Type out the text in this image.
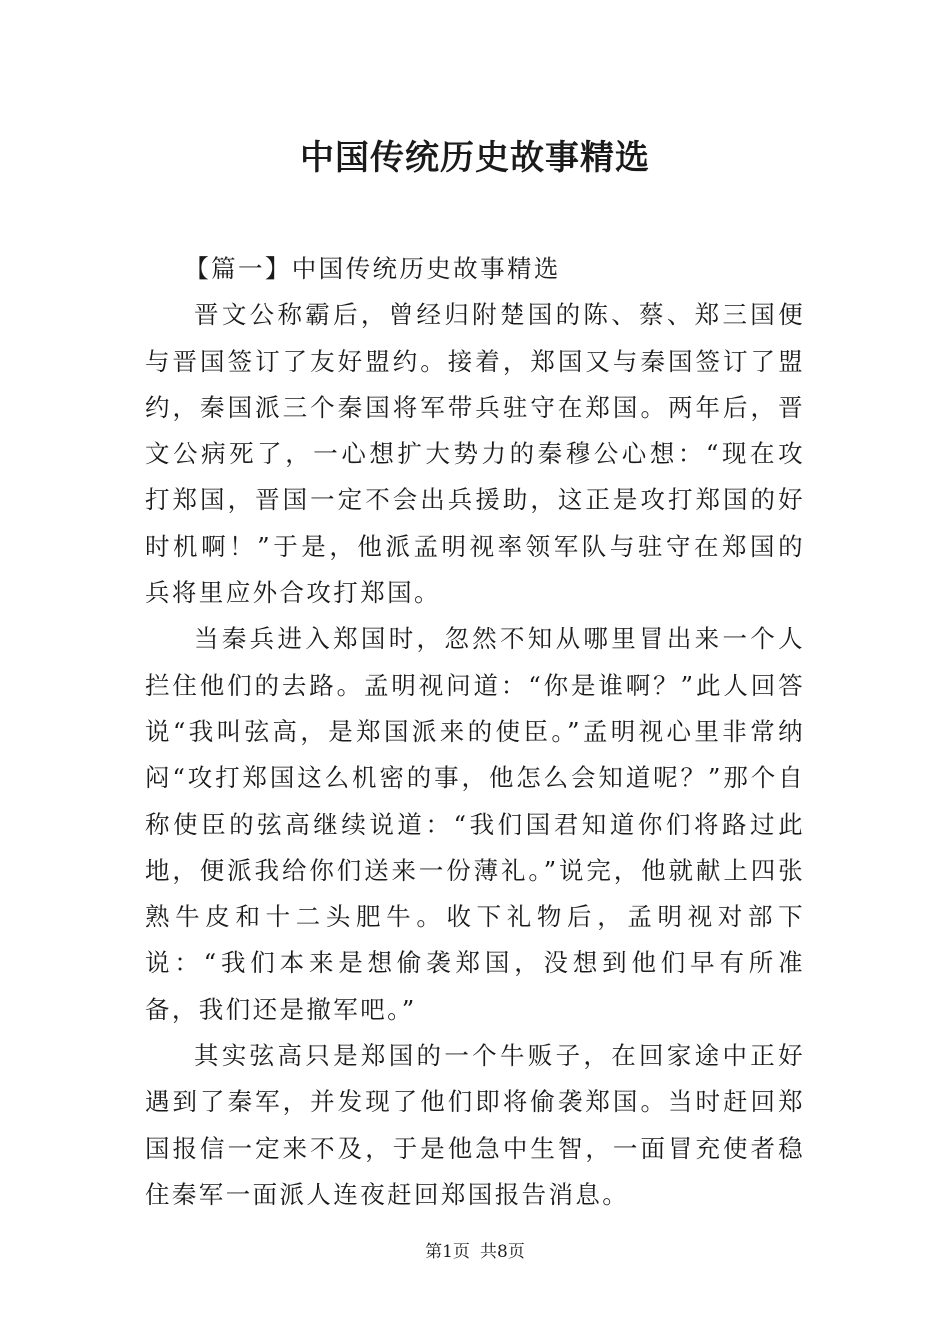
中国传统历史故事精选

【篇一】中国传统历史故事精选

晋文公称霸后，曾经归附楚国的陈、蔡、郑三国便与晋国签订了友好盟约。接着，郑国又与秦国签订了盟约，秦国派三个秦国将军带兵驻守在郑国。两年后，晋文公病死了，一心想扩大势力的秦穆公心想：“现在攻打郑国，晋国一定不会出兵援助，这正是攻打郑国的好时机啊！”于是，他派孟明视率领军队与驻守在郑国的兵将里应外合攻打郑国。

当秦兵进入郑国时，忽然不知从哪里冒出来一个人拦住他们的去路。孟明视问道：“你是谁啊？”此人回答说“我叫弦高，是郑国派来的使臣。”孟明视心里非常纳闷“攻打郑国这么机密的事，他怎么会知道呢？”那个自称使臣的弦高继续说道：“我们国君知道你们将路过此地，便派我给你们送来一份薄礼。”说完，他就献上四张熟牛皮和十二头肥牛。收下礼物后，孟明视对部下说：“我们本来是想偷袭郑国，没想到他们早有所准备，我们还是撤军吧。”

其实弦高只是郑国的一个牛贩子，在回家途中正好遇到了秦军，并发现了他们即将偷袭郑国。当时赶回郑国报信一定来不及，于是他急中生智，一面冒充使者稳住秦军一面派人连夜赶回郑国报告消息。

第1页 共8页
